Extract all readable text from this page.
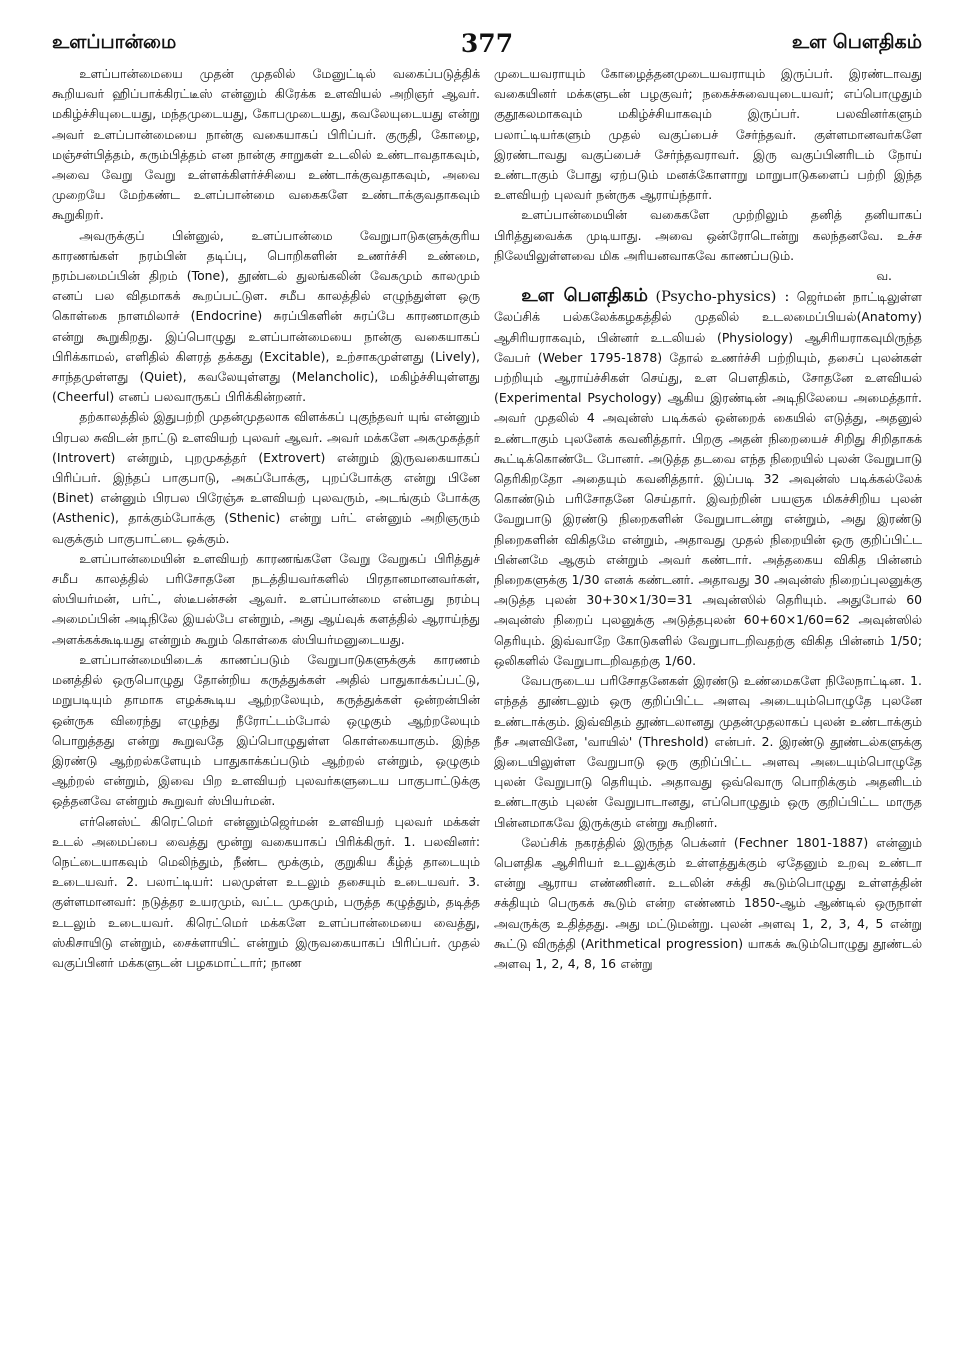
உளப்பான்மை	377	உள பௌதிகம்

உளப்பான்மையை முதன் முதலில் மேனுட்டில் வகைப்படுத்திக் கூறியவர் ஹிப்பாக்கிரட்டீஸ் என்னும் கிரேக்க உளவியல் அறிஞர் ஆவர். மகிழ்ச்சியுடையது, மந்தமுடையது, கோபமுடையது, கவலேயுடையது என்று அவர் உளப்பான்மையை நான்கு வகையாகப் பிரிப்பர். குருதி, கோழை, மஞ்சள்பித்தம், கரும்பித்தம் என நான்கு சாறுகள் உடலில் உண்டாவதாகவும், அவை வேறு வேறு உள்ளக்கிளர்ச்சியை உண்டாக்குவதாகவும், அவை முறையே மேற்கண்ட உளப்பான்மை வகைகளே உண்டாக்குவதாகவும் கூறுகிறர்.

அவருக்குப் பின்னுல், உளப்பான்மை வேறுபாடுகளுக்குரிய காரணங்கள் நரம்பின் தடிப்பு, பொறிகளின் உணர்ச்சி உண்மை, நரம்பமைப்பின் திறம் (Tone), தூண்டல் துலங்கலின் வேகமும் காலமும் எனப் பல விதமாகக் கூறப்பட்டுள. சமீப காலத்தில் எழுந்துள்ள ஒரு கொள்கை நாளமிலாச் (Endocrine) சுரப்பிகளின் சுரப்பே காரணமாகும் என்று கூறுகிறது. இப்பொழுது உளப்பான்மையை நான்கு வகையாகப் பிரிக்காமல், எளிதில் கிளரத் தக்கது (Excitable), உற்சாகமுள்ளது (Lively), சாந்தமுள்ளது (Quiet), கவலேயுள்ளது (Melancholic), மகிழ்ச்சியுள்ளது (Cheerful) எனப் பலவாருகப் பிரிக்கின்றனர்.

தற்காலத்தில் இதுபற்றி முதன்முதலாக விளக்கப் புகுந்தவர் யுங் என்னும் பிரபல சுவிடன் நாட்டு உளவியற் புலவர் ஆவர். அவர் மக்களே அகமுகத்தர் (Introvert) என்றும், புறமுகத்தர் (Extrovert) என்றும் இருவகையாகப் பிரிப்பர். இந்தப் பாகுபாடு, அகப்போக்கு, புறப்போக்கு என்று பினே (Binet) என்னும் பிரபல பிரேஞ்சு உளவியற் புலவரும், அடங்கும் போக்கு (Asthenic), தாக்கும்போக்கு (Sthenic) என்று பர்ட் என்னும் அறிஞரும் வகுக்கும் பாகுபாட்டை ஒக்கும்.

உளப்பான்மையின் உளவியற் காரணங்களே வேறு வேறுகப் பிரித்துச் சமீப காலத்தில் பரிசோதனே நடத்தியவர்களில் பிரதானமானவர்கள், ஸ்பியர்மன், பர்ட், ஸ்டீபன்சன் ஆவர். உளப்பான்மை என்பது நரம்பு அமைப்பின் அடிநிலே இயல்பே என்றும், அது ஆய்வுக் களத்தில் ஆராய்ந்து அளக்கக்கூடியது என்றும் கூறும் கொள்கை ஸ்பியர்மனுடையது.

உளப்பான்மையிடைக் காணப்படும் வேறுபாடுகளுக்குக் காரணம் மனத்தில் ஒருபொழுது தோன்றிய கருத்துக்கள் அதில் பாதுகாக்கப்பட்டு, மறுபடியும் தாமாக எழக்கூடிய ஆற்றலேயும், கருத்துக்கள் ஒன்றன்பின் ஒன்ருக விரைந்து எழுந்து நீரோட்டம்போல் ஒழுகும் ஆற்றலேயும் பொறுத்தது என்று கூறுவதே இப்பொழுதுள்ள கொள்கையாகும். இந்த இரண்டு ஆற்றல்களேயும் பாதுகாக்கப்படும் ஆற்றல் என்றும், ஒழுகும் ஆற்றல் என்றும், இவை பிற உளவியற் புலவர்களுடைய பாகுபாட்டுக்கு ஒத்தனவே என்றும் கூறுவர் ஸ்பியர்மன்.

எர்னெஸ்ட் கிரெட்மெர் என்னும்ஜெர்மன் உளவியற் புலவர் மக்கள் உடல் அமைப்பை வைத்து மூன்று வகையாகப் பிரிக்கிருர். 1. பலவினர்: நெட்டையாகவும் மெலிந்தும், நீண்ட மூக்கும், குறுகிய கீழ்த் தாடையும் உடையவர். 2. பலாட்டியர்: பலமுள்ள உடலும் தசையும் உடையவர். 3. குள்ளமானவர்: நடுத்தர உயரமும், வட்ட முகமும், பருத்த கழுத்தும், தடித்த உடலும் உடையவர். கிரெட்மெர் மக்களே உளப்பான்மையை வைத்து, ஸ்கிசாயிடு என்றும், சைக்ளாயிட் என்றும் இருவகையாகப் பிரிப்பர். முதல் வகுப்பினர் மக்களுடன் பழகமாட்டார்; நாண

முடையவராயும் கோழைத்தனமுடையவராயும் இருப்பர். இரண்டாவது வகையினர் மக்களுடன் பழகுவர்; நகைச்சுவையுடையவர்; எப்பொழுதும் குதூகலமாகவும் மகிழ்ச்சியாகவும் இருப்பர். பலவினர்களும் பலாட்டியர்களும் முதல் வகுப்பைச் சேர்ந்தவர். குள்ளமானவர்களே இரண்டாவது வகுப்பைச் சேர்ந்தவராவர். இரு வகுப்பினரிடம் நோய் உண்டாகும் போது ஏற்படும் மனக்கோளாறு மாறுபாடுகளைப் பற்றி இந்த உளவியற் புலவர் நன்ருக ஆராய்ந்தார்.

உளப்பான்மையின் வகைகளே முற்றிலும் தனித் தனியாகப் பிரித்துவைக்க முடியாது. அவை ஒன்ரோடொன்று கலந்தனவே. உச்ச நிலேயிலுள்ளவை மிக அரியனவாகவே காணப்படும்.
வ.

உள பௌதிகம் (Psycho-physics) : ஜெர்மன் நாட்டிலுள்ள லேப்சிக் பல்கலேக்கழகத்தில் முதலில் உடலமைப்பியல்(Anatomy) ஆசிரியராகவும், பின்னர் உடலியல் (Physiology) ஆசிரியராகவுமிருந்த வேபர் (Weber 1795-1878) தோல் உணர்ச்சி பற்றியும், தசைப் புலன்கள் பற்றியும் ஆராய்ச்சிகள் செய்து, உள பௌதிகம், சோதனே உளவியல் (Experimental Psychology) ஆகிய இரண்டின் அடிநிலேயை அமைத்தார். அவர் முதலில் 4 அவுன்ஸ் படிக்கல் ஒன்றைக் கையில் எடுத்து, அதனுல் உண்டாகும் புலனேக் கவனித்தார். பிறகு அதன் நிறையைச் சிறிது சிறிதாகக் கூட்டிக்கொண்டே போனர். அடுத்த தடவை எந்த நிறையில் புலன் வேறுபாடு தெரிகிறதோ அதையும் கவனித்தார். இப்படி 32 அவுன்ஸ் படிக்கல்லேக் கொண்டும் பரிசோதனே செய்தார். இவற்றின் பயஞக மிகச்சிறிய புலன் வேறுபாடு இரண்டு நிறைகளின் வேறுபாடன்று என்றும், அது இரண்டு நிறைகளின் விகிதமே என்றும், அதாவது முதல் நிறையின் ஒரு குறிப்பிட்ட பின்னமே ஆகும் என்றும் அவர் கண்டார். அத்தகைய விகித பின்னம் நிறைகளுக்கு 1/30 எனக் கண்டனர். அதாவது 30 அவுன்ஸ் நிறைப்புலனுக்கு அடுத்த புலன் 30+30×1/30=31 அவுன்ஸில் தெரியும். அதுபோல் 60 அவுன்ஸ் நிறைப் புலனுக்கு அடுத்தபுலன் 60+60×1/60=62 அவுன்ஸில் தெரியும். இவ்வாறே கோடுகளில் வேறுபாடறிவதற்கு விகித பின்னம் 1/50; ஒலிகளில் வேறுபாடறிவதற்கு 1/60.

வேபருடைய பரிசோதனேகள் இரண்டு உண்மைகளே நிலேநாட்டின. 1. எந்தத் தூண்டலும் ஒரு குறிப்பிட்ட அளவு அடையும்பொழுதே புலனே உண்டாக்கும். இவ்விதம் தூண்டலானது முதன்முதலாகப் புலன் உண்டாக்கும் நீச அளவினே, 'வாயில்' (Threshold) என்பர். 2. இரண்டு தூண்டல்களுக்கு இடையிலுள்ள வேறுபாடு ஒரு குறிப்பிட்ட அளவு அடையும்பொழுதே புலன் வேறுபாடு தெரியும். அதாவது ஒவ்வொரு பொறிக்கும் அதனிடம் உண்டாகும் புலன் வேறுபாடானது, எப்பொழுதும் ஒரு குறிப்பிட்ட மாருத பின்னமாகவே இருக்கும் என்று கூறினர்.

லேப்சிக் நகரத்தில் இருந்த பெக்னர் (Fechner 1801-1887) என்னும் பௌதிக ஆசிரியர் உடலுக்கும் உள்ளத்துக்கும் ஏதேனும் உறவு உண்டா என்று ஆராய எண்ணினர். உடலின் சக்தி கூடும்பொழுது உள்ளத்தின் சக்தியும் பெருகக் கூடும் என்ற எண்ணம் 1850-ஆம் ஆண்டில் ஒருநாள் அவருக்கு உதித்தது. அது மட்டுமன்று. புலன் அளவு 1, 2, 3, 4, 5 என்று கூட்டு விருத்தி (Arithmetical progression) யாகக் கூடும்பொழுது தூண்டல் அளவு 1, 2, 4, 8, 16 என்று
